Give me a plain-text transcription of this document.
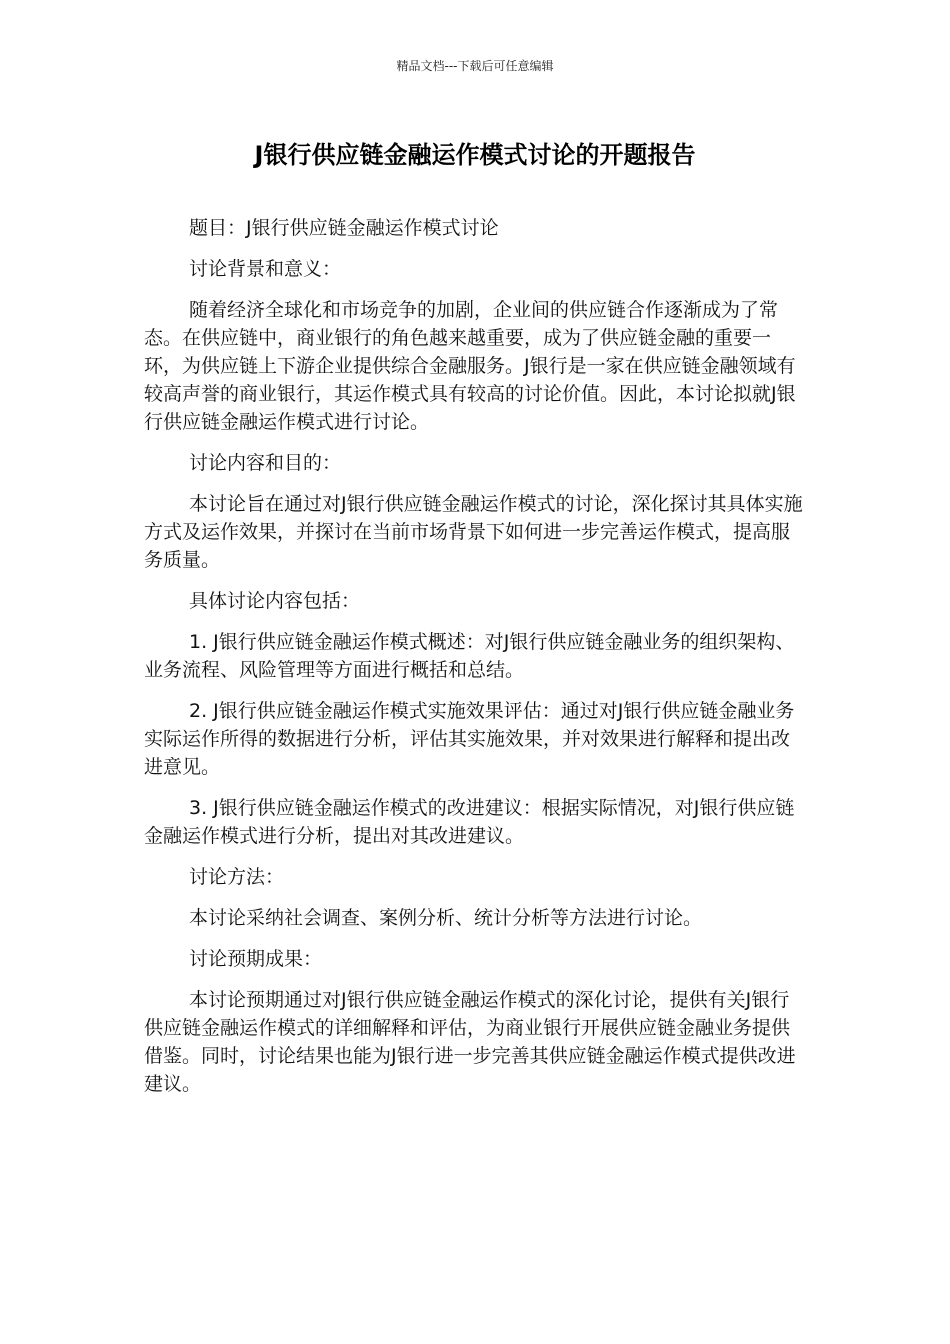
精品文档---下载后可任意编辑
J银行供应链金融运作模式讨论的开题报告

题目：J银行供应链金融运作模式讨论

讨论背景和意义：

随着经济全球化和市场竞争的加剧，企业间的供应链合作逐渐成为了常态。在供应链中，商业银行的角色越来越重要，成为了供应链金融的重要一环，为供应链上下游企业提供综合金融服务。J银行是一家在供应链金融领域有较高声誉的商业银行，其运作模式具有较高的讨论价值。因此，本讨论拟就J银行供应链金融运作模式进行讨论。

讨论内容和目的：

本讨论旨在通过对J银行供应链金融运作模式的讨论，深化探讨其具体实施方式及运作效果，并探讨在当前市场背景下如何进一步完善运作模式，提高服务质量。

具体讨论内容包括：

1. J银行供应链金融运作模式概述：对J银行供应链金融业务的组织架构、业务流程、风险管理等方面进行概括和总结。

2. J银行供应链金融运作模式实施效果评估：通过对J银行供应链金融业务实际运作所得的数据进行分析，评估其实施效果，并对效果进行解释和提出改进意见。

3. J银行供应链金融运作模式的改进建议：根据实际情况，对J银行供应链金融运作模式进行分析，提出对其改进建议。

讨论方法：

本讨论采纳社会调查、案例分析、统计分析等方法进行讨论。

讨论预期成果：

本讨论预期通过对J银行供应链金融运作模式的深化讨论，提供有关J银行供应链金融运作模式的详细解释和评估，为商业银行开展供应链金融业务提供借鉴。同时，讨论结果也能为J银行进一步完善其供应链金融运作模式提供改进建议。
